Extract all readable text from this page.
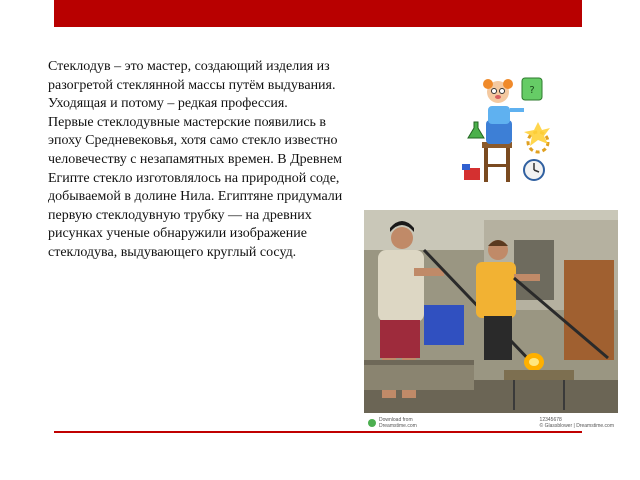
Стеклодув – это мастер, создающий изделия из разогретой стеклянной массы путём выдувания. Уходящая и потому – редкая профессия.

Первые стеклодувные мастерские появились в эпоху Средневековья, хотя само стекло известно человечеству с незапамятных времен. В Древнем Египте стекло изготовлялось на природной соде, добываемой в долине Нила. Египтяне придумали первую стеклодувную трубку — на древних рисунках ученые обнаружили изображение стеклодува, выдувающего круглый сосуд.

?
Download from
Dreamstime.com
12345678
© Glassblower | Dreamstime.com
